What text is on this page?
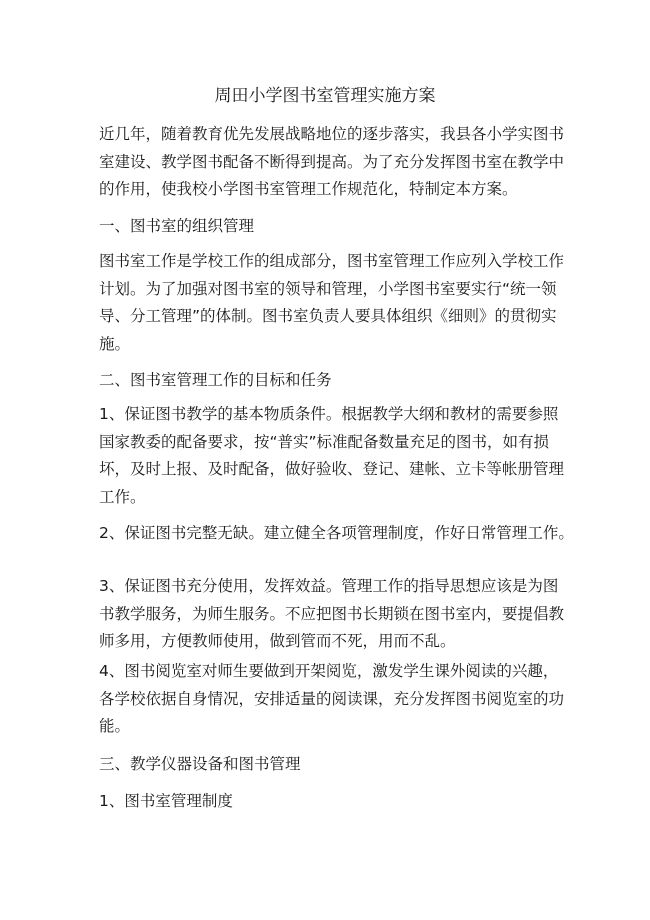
周田小学图书室管理实施方案

近几年，随着教育优先发展战略地位的逐步落实，我县各小学实图书室建设、教学图书配备不断得到提高。为了充分发挥图书室在教学中的作用，使我校小学图书室管理工作规范化，特制定本方案。

一、图书室的组织管理

图书室工作是学校工作的组成部分，图书室管理工作应列入学校工作计划。为了加强对图书室的领导和管理，小学图书室要实行“统一领导、分工管理”的体制。图书室负责人要具体组织《细则》的贯彻实施。

二、图书室管理工作的目标和任务

1、保证图书教学的基本物质条件。根据教学大纲和教材的需要参照国家教委的配备要求，按“普实”标准配备数量充足的图书，如有损坏，及时上报、及时配备，做好验收、登记、建帐、立卡等帐册管理工作。

2、保证图书完整无缺。建立健全各项管理制度，作好日常管理工作。

3、保证图书充分使用，发挥效益。管理工作的指导思想应该是为图书教学服务，为师生服务。不应把图书长期锁在图书室内，要提倡教师多用，方便教师使用，做到管而不死，用而不乱。

4、图书阅览室对师生要做到开架阅览，激发学生课外阅读的兴趣，各学校依据自身情况，安排适量的阅读课，充分发挥图书阅览室的功能。

三、教学仪器设备和图书管理

1、图书室管理制度
